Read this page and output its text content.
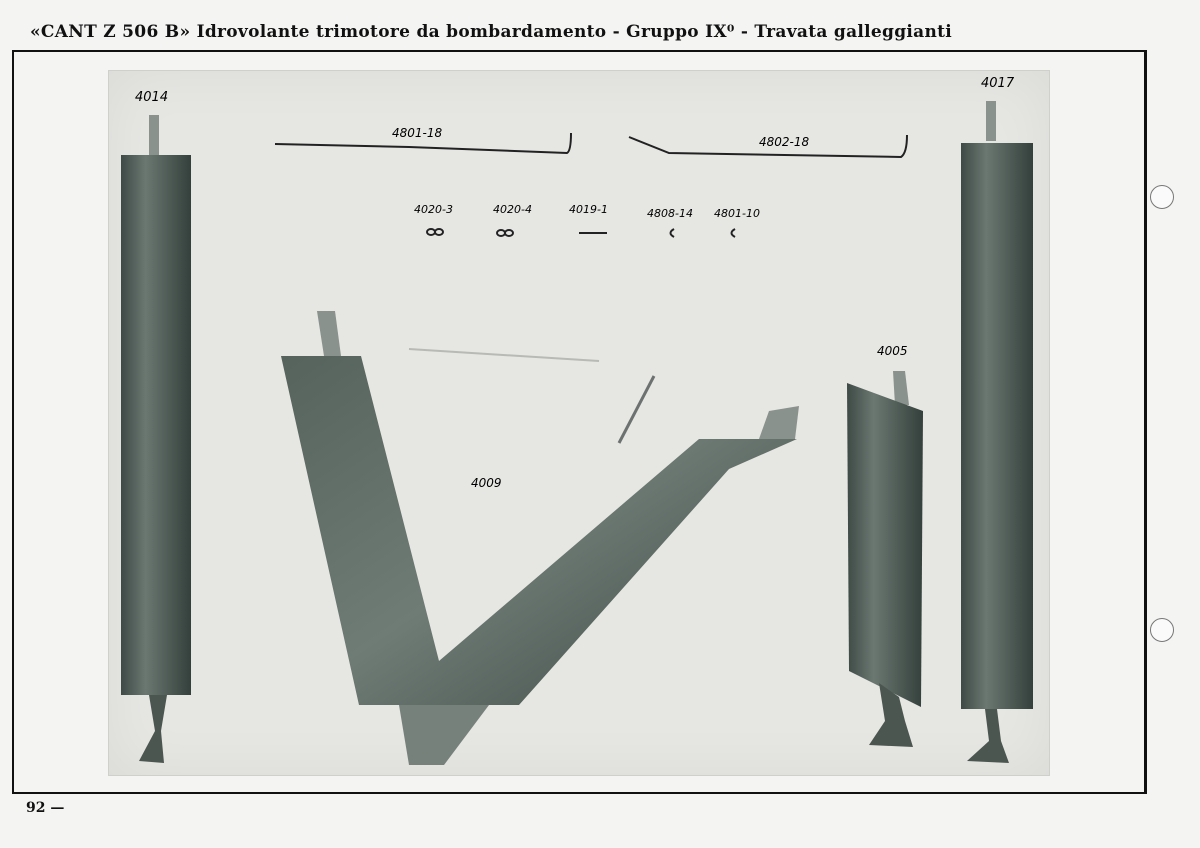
«CANT Z 506 B» Idrovolante trimotore da bombardamento - Gruppo IX⁰ - Travata galleggianti
4014
4017
4801-18
4802-18
4020-3	4020-4	4019-1	4808-14 4801-10
4009
4005
92 —
